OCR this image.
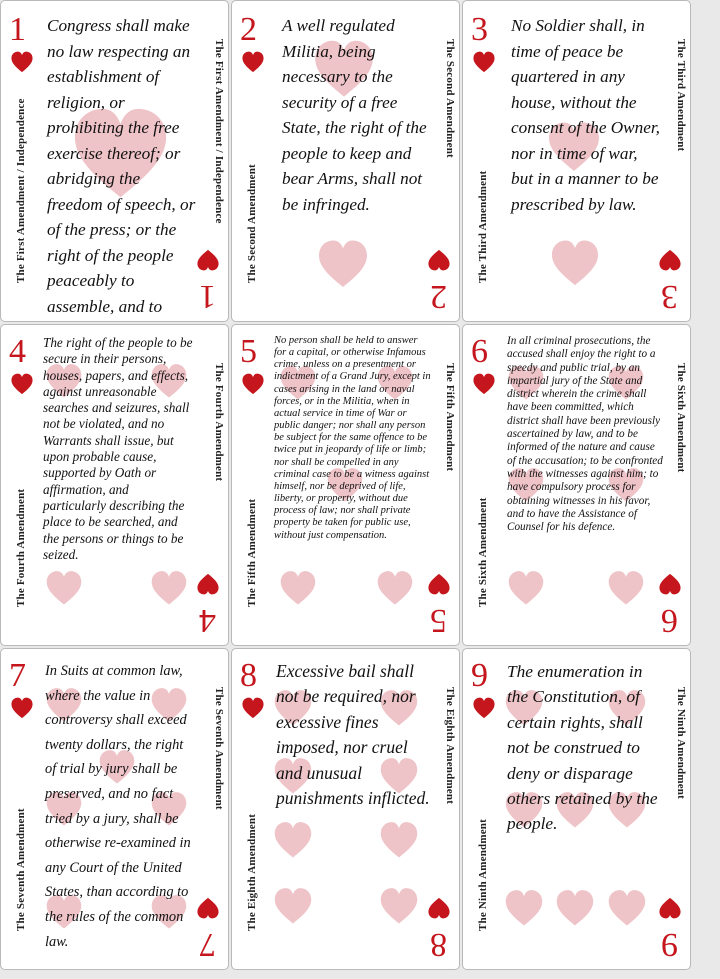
1
1
The First Amendment / Independence	The First Amendment / Independence
Congress shall make no law respecting an establishment of religion, or prohibiting the free exercise thereof; or abridging the freedom of speech, or of the press; or the right of the people peaceably to assemble, and to
2
2
The Second Amendment
The Second Amendment
A well regulated Militia, being necessary to the security of a free State, the right of the people to keep and bear Arms, shall not be infringed.
3
3
The Third Amendment
The Third Amendment
No Soldier shall, in time of peace be quartered in any house, without the consent of the Owner, nor in time of war, but in a manner to be prescribed by law.
4
4
The Fourth Amendment
The Fourth Amendment
The right of the people to be secure in their persons, houses, papers, and effects, against unreasonable searches and seizures, shall not be violated, and no Warrants shall issue, but upon probable cause, supported by Oath or affirmation, and particularly describing the place to be searched, and the persons or things to be seized.
5
5
The Fifth Amendment
The Fifth Amendment
No person shall be held to answer for a capital, or otherwise Infamous crime, unless on a presentment or indictment of a Grand Jury, except in cases arising in the land or naval forces, or in the Militia, when in actual service in time of War or public danger; nor shall any person be subject for the same offence to be twice put in jeopardy of life or limb; nor shall be compelled in any criminal case to be a witness against himself, nor be deprived of life, liberty, or property, without due process of law; nor shall private property be taken for public use, without just compensation.
6
6
The Sixth Amendment
The Sixth Amendment
In all criminal prosecutions, the accused shall enjoy the right to a speedy and public trial, by an impartial jury of the State and district wherein the crime shall have been committed, which district shall have been previously ascertained by law, and to be informed of the nature and cause of the accusation; to be confronted with the witnesses against him; to have compulsory process for obtaining witnesses in his favor, and to have the Assistance of Counsel for his defence.
7
7
The Seventh Amendment
The Seventh Amendment
In Suits at common law, where the value in controversy shall exceed twenty dollars, the right of trial by jury shall be preserved, and no fact tried by a jury, shall be otherwise re-examined in any Court of the United States, than according to the rules of the common law.
8
8
The Eighth Amendment
The Eighth Amendment
Excessive bail shall not be required, nor excessive fines imposed, nor cruel and unusual punishments inflicted.
9
9
The Ninth Amendment
The Ninth Amendment
The enumeration in the Constitution, of certain rights, shall not be construed to deny or disparage others retained by the people.
